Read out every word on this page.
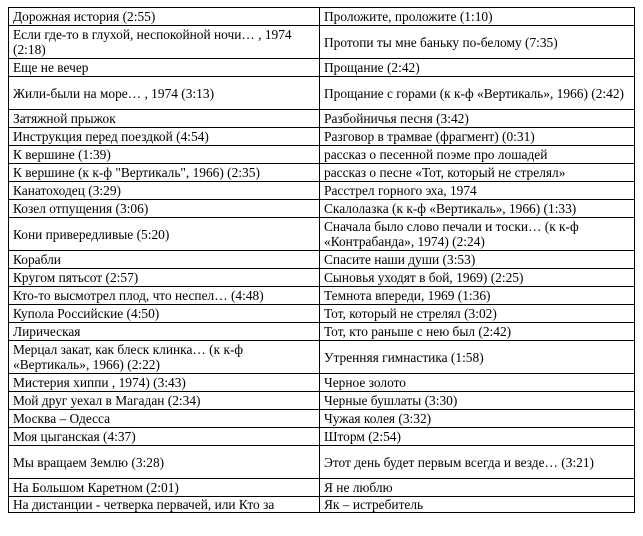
Дорожная история (2:55)	Проложите, проложите (1:10)
Если где-то в глухой, неспокойной ночи… , 1974 (2:18)	Протопи ты мне баньку по-белому (7:35)
Еще не вечер	Прощание (2:42)
Жили-были на море… , 1974 (3:13)	Прощание с горами (к к-ф «Вертикаль», 1966) (2:42)
Затяжной прыжок	Разбойничья песня (3:42)
Инструкция перед поездкой (4:54)	Разговор в трамвае (фрагмент) (0:31)
К вершине (1:39)	рассказ о песенной поэме про лошадей
К вершине (к к-ф "Вертикаль", 1966) (2:35)	рассказ о песне «Тот, который не стрелял»
Канатоходец (3:29)	Расстрел горного эха, 1974
Козел отпущения (3:06)	Скалолазка (к к-ф «Вертикаль», 1966) (1:33)
Кони привередливые (5:20)	Сначала было слово печали и тоски… (к к-ф «Контрабанда», 1974) (2:24)
Корабли	Спасите наши души (3:53)
Кругом пятьсот (2:57)	Сыновья уходят в бой, 1969) (2:25)
Кто-то высмотрел плод, что неспел… (4:48)	Темнота впереди, 1969 (1:36)
Купола Российские (4:50)	Тот, который не стрелял (3:02)
Лирическая	Тот, кто раньше с нею был (2:42)
Мерцал закат, как блеск клинка… (к к-ф «Вертикаль», 1966) (2:22)	Утренняя гимнастика (1:58)
Мистерия хиппи , 1974) (3:43)	Черное золото
Мой друг уехал в Магадан (2:34)	Черные бушлаты (3:30)
Москва – Одесса	Чужая колея (3:32)
Моя цыганская (4:37)	Шторм (2:54)
Мы вращаем Землю (3:28)	Этот день будет первым всегда и везде… (3:21)
На Большом Каретном (2:01)	Я не люблю
На дистанции - четверка первачей, или Кто за	Як – истребитель
